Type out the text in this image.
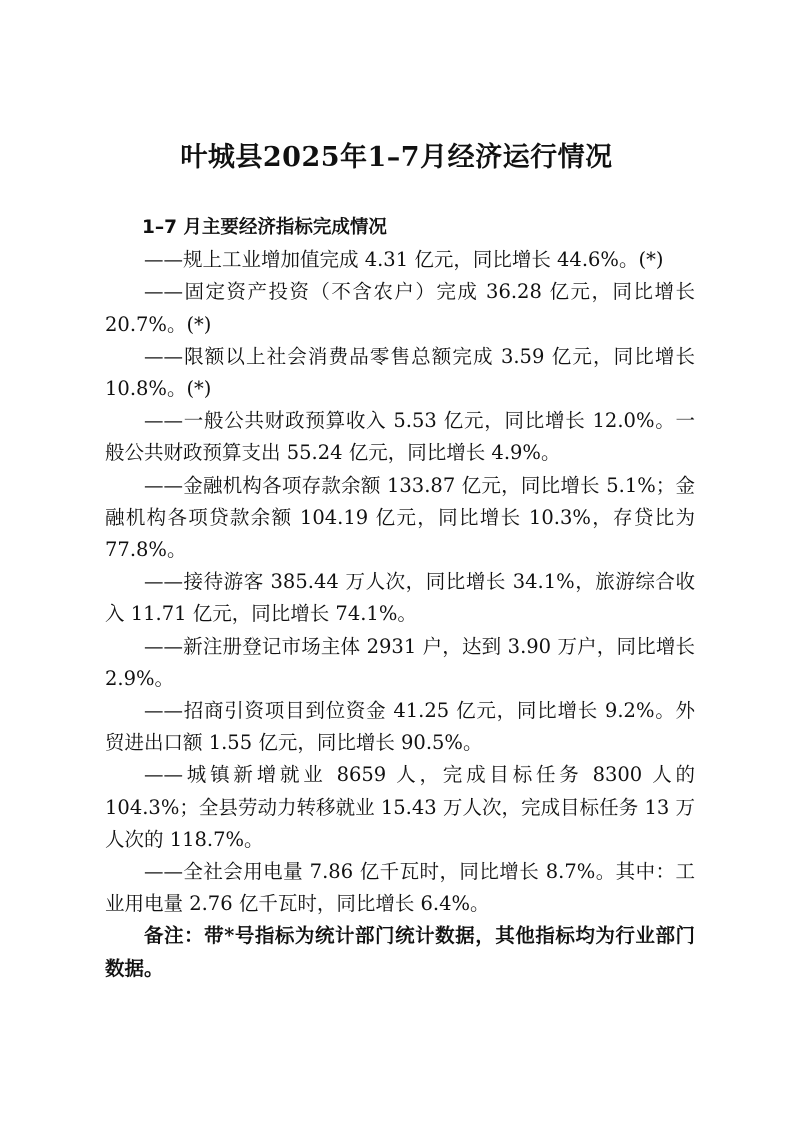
叶城县2025年1–7月经济运行情况

1–7 月主要经济指标完成情况

——规上工业增加值完成 4.31 亿元，同比增长 44.6%。(*)

——固定资产投资（不含农户）完成 36.28 亿元，同比增长 20.7%。(*)

——限额以上社会消费品零售总额完成 3.59 亿元，同比增长 10.8%。(*)

——一般公共财政预算收入 5.53 亿元，同比增长 12.0%。一般公共财政预算支出 55.24 亿元，同比增长 4.9%。

——金融机构各项存款余额 133.87 亿元，同比增长 5.1%；金融机构各项贷款余额 104.19 亿元，同比增长 10.3%，存贷比为 77.8%。

——接待游客 385.44 万人次，同比增长 34.1%，旅游综合收入 11.71 亿元，同比增长 74.1%。

——新注册登记市场主体 2931 户，达到 3.90 万户，同比增长 2.9%。

——招商引资项目到位资金 41.25 亿元，同比增长 9.2%。外贸进出口额 1.55 亿元，同比增长 90.5%。

——城镇新增就业 8659 人，完成目标任务 8300 人的 104.3%；全县劳动力转移就业 15.43 万人次，完成目标任务 13 万人次的 118.7%。

——全社会用电量 7.86 亿千瓦时，同比增长 8.7%。其中：工业用电量 2.76 亿千瓦时，同比增长 6.4%。

备注：带*号指标为统计部门统计数据，其他指标均为行业部门数据。
